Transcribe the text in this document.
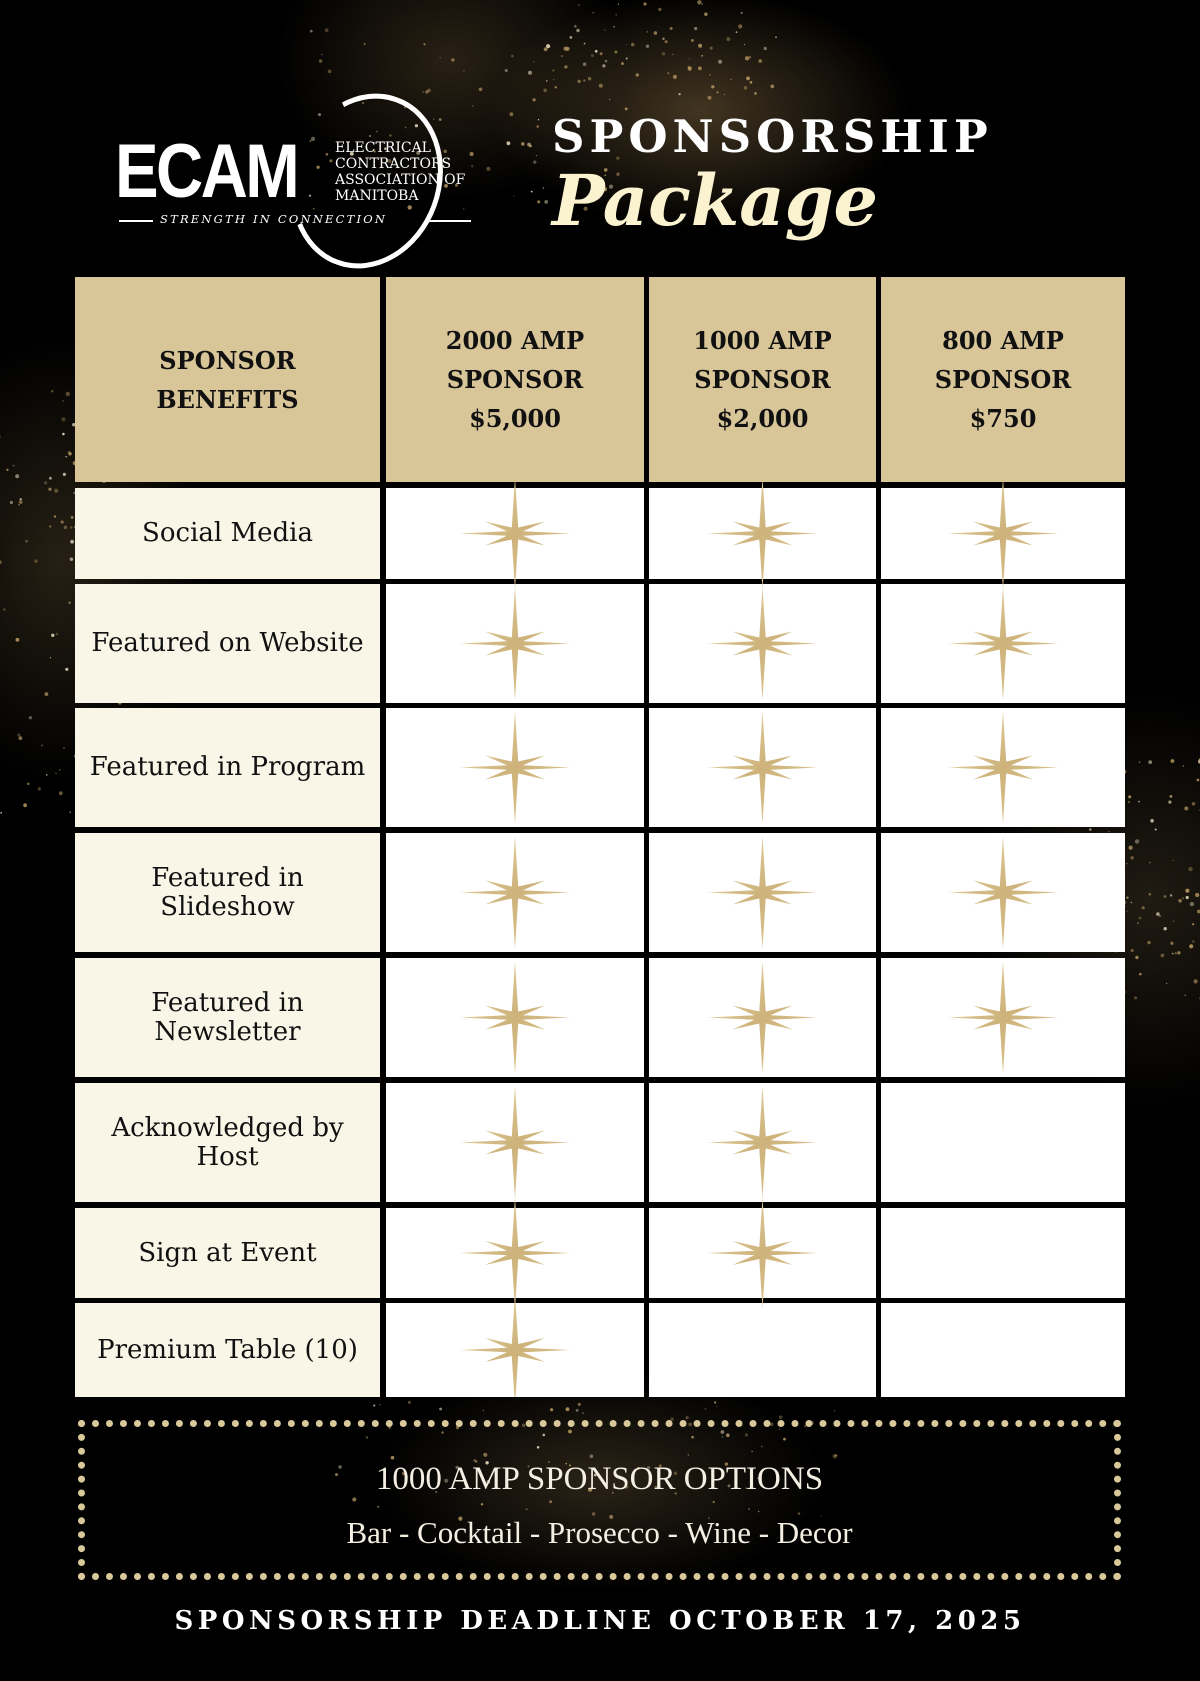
ECAM	ELECTRICAL
CONTRACTORS
ASSOCIATION OF
MANITOBA
STRENGTH IN CONNECTION
SPONSORSHIP
Package
SPONSOR
BENEFITS
2000 AMP
SPONSOR
$5,000
1000 AMP
SPONSOR
$2,000
800 AMP
SPONSOR
$750
Social Media
Featured on Website
Featured in Program
Featured in Slideshow
Featured in Newsletter
Acknowledged by Host
Sign at Event
Premium Table (10)
1000 AMP SPONSOR OPTIONS
Bar - Cocktail - Prosecco - Wine - Decor
SPONSORSHIP DEADLINE OCTOBER 17, 2025
